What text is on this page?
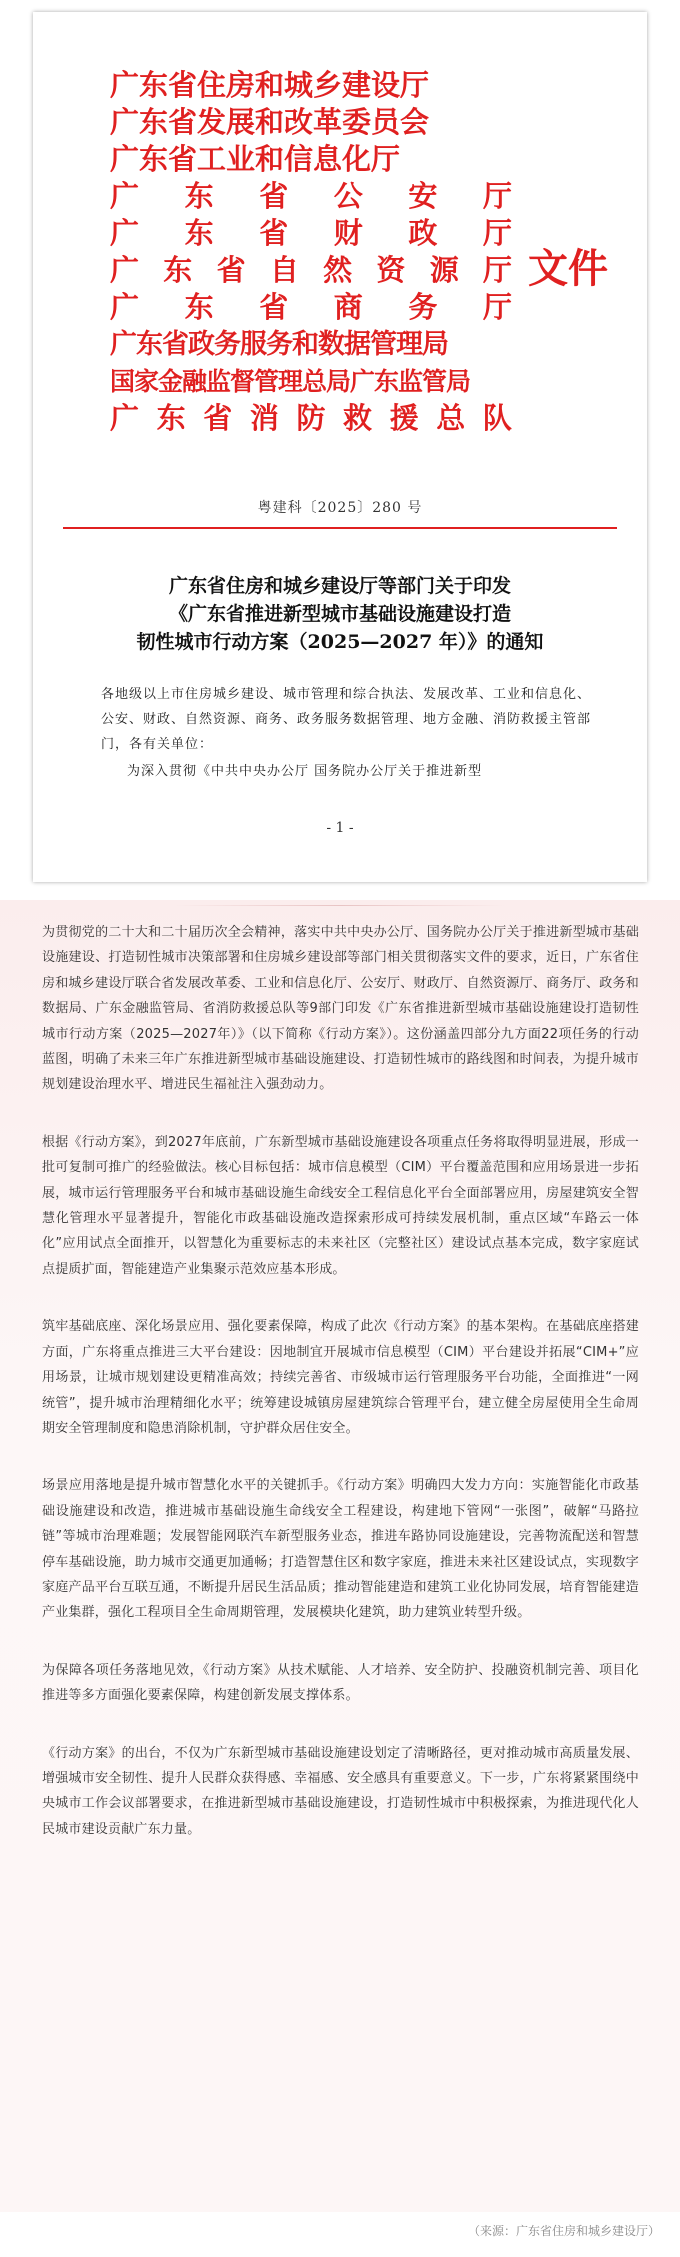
广东省住房和城乡建设厅
广东省发展和改革委员会
广东省工业和信息化厅
广 东 省 公 安 厅
广 东 省 财 政 厅
广 东 省 自 然 资 源 厅
广 东 省 商 务 厅
广东省政务服务和数据管理局
国家金融监督管理总局广东监管局
广 东 省 消 防 救 援 总 队
文件
粤建科〔2025〕280 号
广东省住房和城乡建设厅等部门关于印发
《广东省推进新型城市基础设施建设打造
韧性城市行动方案（2025—2027 年）》的通知
各地级以上市住房城乡建设、城市管理和综合执法、发展改革、工业和信息化、公安、财政、自然资源、商务、政务服务数据管理、地方金融、消防救援主管部门，各有关单位：
为深入贯彻《中共中央办公厅 国务院办公厅关于推进新型
- 1 -

为贯彻党的二十大和二十届历次全会精神，落实中共中央办公厅、国务院办公厅关于推进新型城市基础设施建设、打造韧性城市决策部署和住房城乡建设部等部门相关贯彻落实文件的要求，近日，广东省住房和城乡建设厅联合省发展改革委、工业和信息化厅、公安厅、财政厅、自然资源厅、商务厅、政务和数据局、广东金融监管局、省消防救援总队等9部门印发《广东省推进新型城市基础设施建设打造韧性城市行动方案（2025—2027年）》（以下简称《行动方案》）。这份涵盖四部分九方面22项任务的行动蓝图，明确了未来三年广东推进新型城市基础设施建设、打造韧性城市的路线图和时间表，为提升城市规划建设治理水平、增进民生福祉注入强劲动力。

根据《行动方案》，到2027年底前，广东新型城市基础设施建设各项重点任务将取得明显进展，形成一批可复制可推广的经验做法。核心目标包括：城市信息模型（CIM）平台覆盖范围和应用场景进一步拓展，城市运行管理服务平台和城市基础设施生命线安全工程信息化平台全面部署应用，房屋建筑安全智慧化管理水平显著提升，智能化市政基础设施改造探索形成可持续发展机制，重点区域“车路云一体化”应用试点全面推开，以智慧化为重要标志的未来社区（完整社区）建设试点基本完成，数字家庭试点提质扩面，智能建造产业集聚示范效应基本形成。

筑牢基础底座、深化场景应用、强化要素保障，构成了此次《行动方案》的基本架构。在基础底座搭建方面，广东将重点推进三大平台建设：因地制宜开展城市信息模型（CIM）平台建设并拓展“CIM+”应用场景，让城市规划建设更精准高效；持续完善省、市级城市运行管理服务平台功能，全面推进“一网统管”，提升城市治理精细化水平；统筹建设城镇房屋建筑综合管理平台，建立健全房屋使用全生命周期安全管理制度和隐患消除机制，守护群众居住安全。

场景应用落地是提升城市智慧化水平的关键抓手。《行动方案》明确四大发力方向：实施智能化市政基础设施建设和改造，推进城市基础设施生命线安全工程建设，构建地下管网“一张图”，破解“马路拉链”等城市治理难题；发展智能网联汽车新型服务业态，推进车路协同设施建设，完善物流配送和智慧停车基础设施，助力城市交通更加通畅；打造智慧住区和数字家庭，推进未来社区建设试点，实现数字家庭产品平台互联互通，不断提升居民生活品质；推动智能建造和建筑工业化协同发展，培育智能建造产业集群，强化工程项目全生命周期管理，发展模块化建筑，助力建筑业转型升级。

为保障各项任务落地见效，《行动方案》从技术赋能、人才培养、安全防护、投融资机制完善、项目化推进等多方面强化要素保障，构建创新发展支撑体系。

《行动方案》的出台，不仅为广东新型城市基础设施建设划定了清晰路径，更对推动城市高质量发展、增强城市安全韧性、提升人民群众获得感、幸福感、安全感具有重要意义。下一步，广东将紧紧围绕中央城市工作会议部署要求，在推进新型城市基础设施建设，打造韧性城市中积极探索，为推进现代化人民城市建设贡献广东力量。

（来源：广东省住房和城乡建设厅）
